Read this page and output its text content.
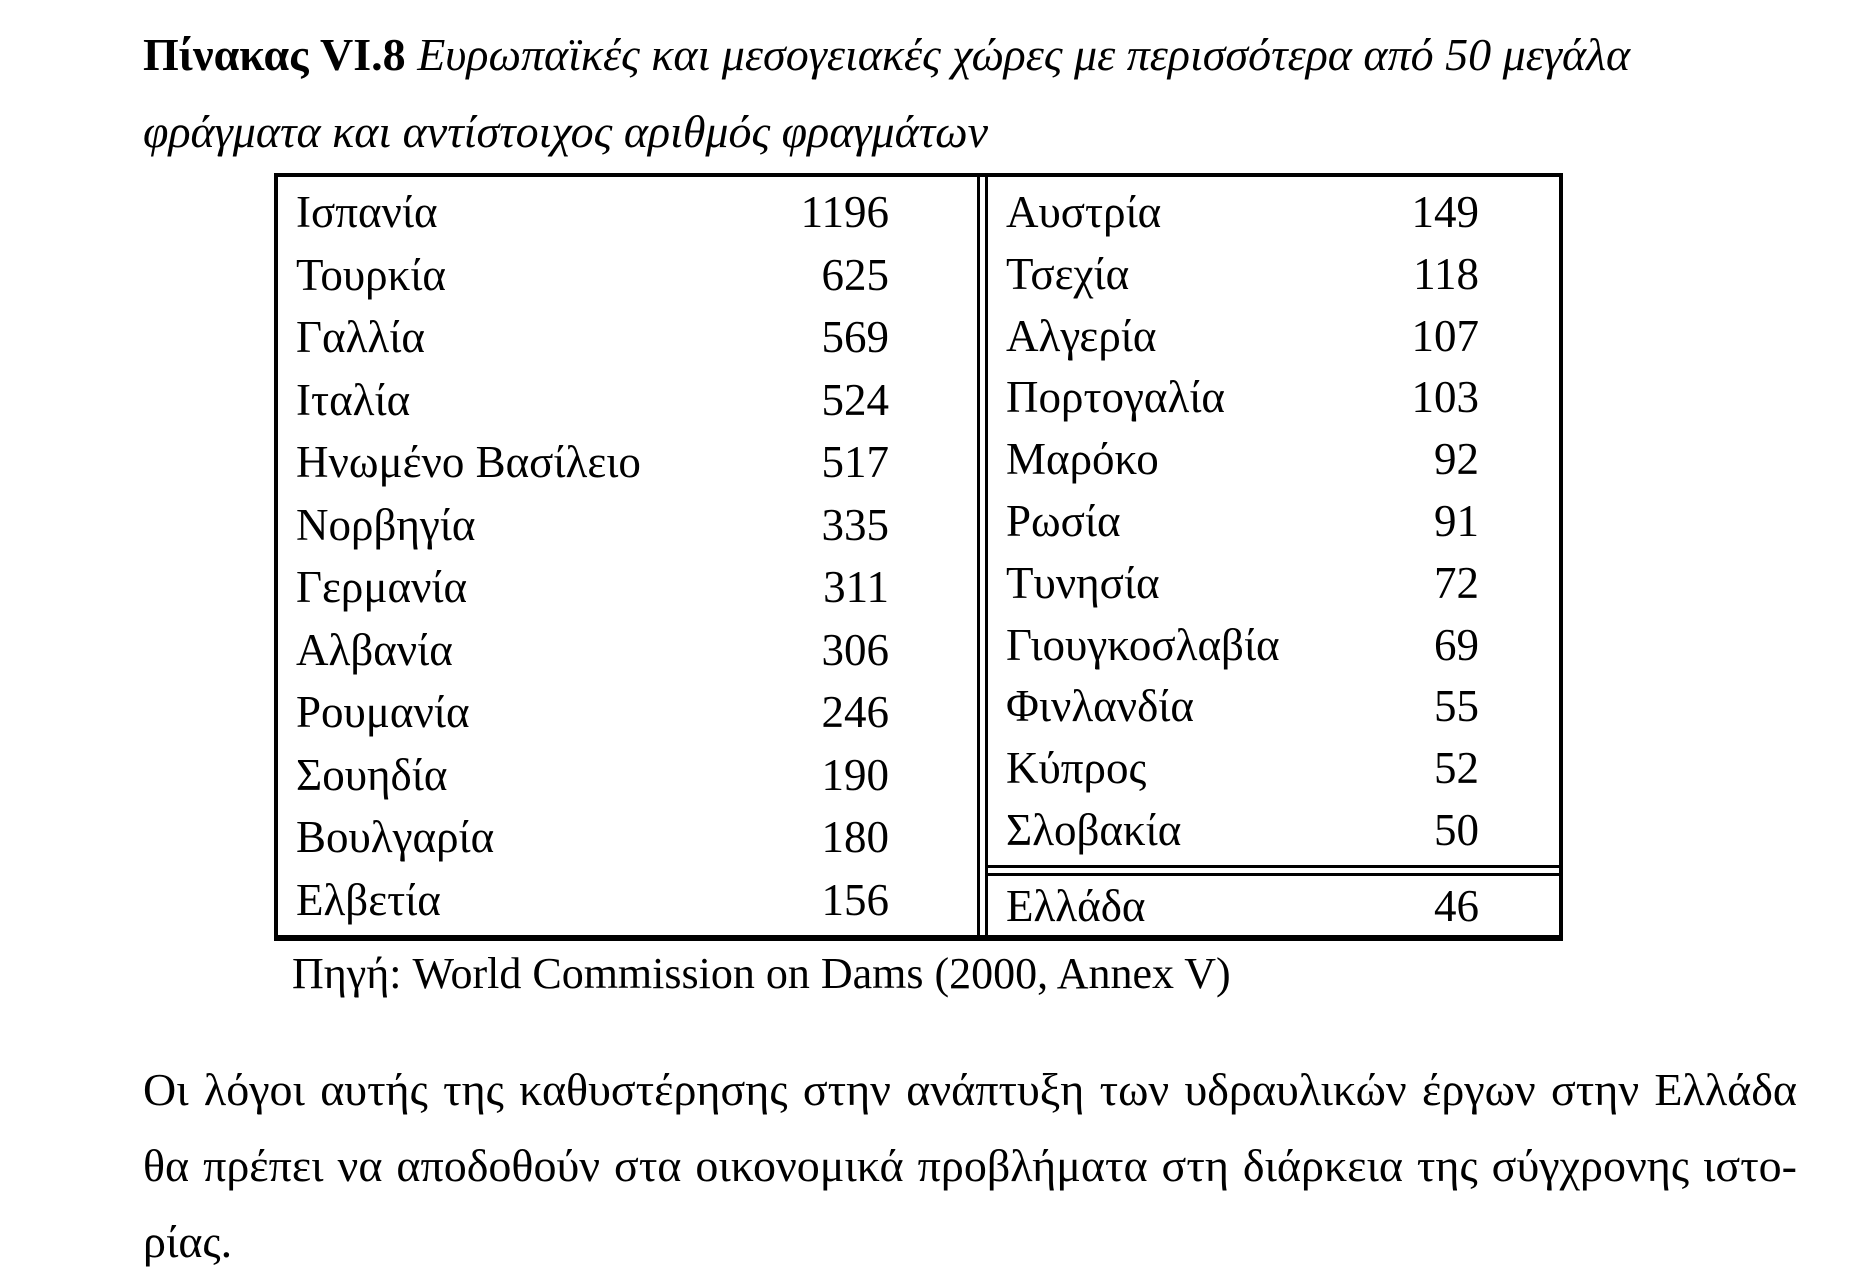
Πίνακας VI.8 Ευρωπαϊκές και μεσογειακές χώρες με περισσότερα από 50 μεγάλα
φράγματα και αντίστοιχος αριθμός φραγμάτων
Ισπανία	1196
Τουρκία	625
Γαλλία	569
Ιταλία	524
Ηνωμένο Βασίλειο	517
Νορβηγία	335
Γερμανία	311
Αλβανία	306
Ρουμανία	246
Σουηδία	190
Βουλγαρία	180
Ελβετία	156
Αυστρία	149
Τσεχία	118
Αλγερία	107
Πορτογαλία	103
Μαρόκο	92
Ρωσία	91
Τυνησία	72
Γιουγκοσλαβία	69
Φινλανδία	55
Κύπρος	52
Σλοβακία	50
Ελλάδα	46
Πηγή: World Commission on Dams (2000, Annex V)
Οι λόγοι αυτής της καθυστέρησης στην ανάπτυξη των υδραυλικών έργων στην Ελλάδα
θα πρέπει να αποδοθούν στα οικονομικά προβλήματα στη διάρκεια της σύγχρονης ιστο-
ρίας.
